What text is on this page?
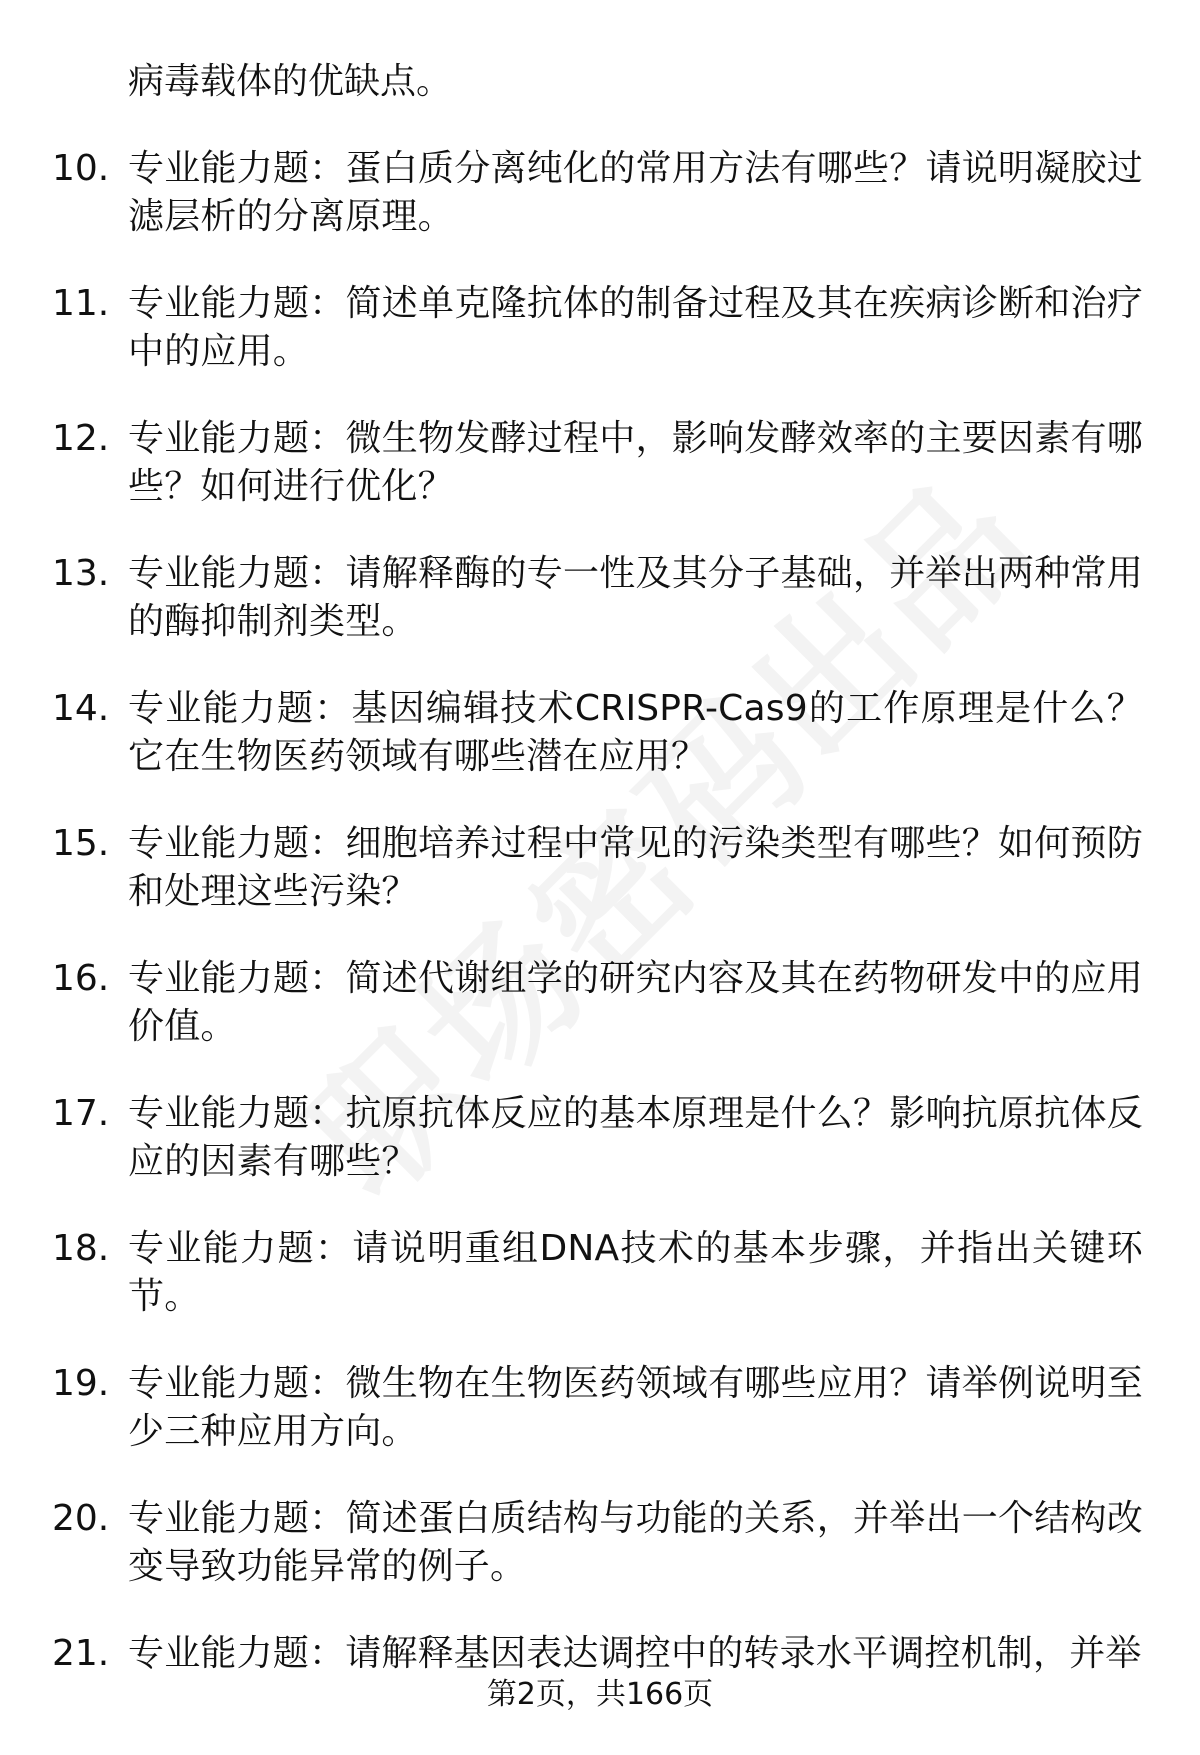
病毒载体的优缺点。
10. 专业能力题：蛋白质分离纯化的常用方法有哪些？请说明凝胶过滤层析的分离原理。
11. 专业能力题：简述单克隆抗体的制备过程及其在疾病诊断和治疗中的应用。
12. 专业能力题：微生物发酵过程中，影响发酵效率的主要因素有哪些？如何进行优化？
13. 专业能力题：请解释酶的专一性及其分子基础，并举出两种常用的酶抑制剂类型。
14. 专业能力题：基因编辑技术CRISPR-Cas9的工作原理是什么？它在生物医药领域有哪些潜在应用？
15. 专业能力题：细胞培养过程中常见的污染类型有哪些？如何预防和处理这些污染？
16. 专业能力题：简述代谢组学的研究内容及其在药物研发中的应用价值。
17. 专业能力题：抗原抗体反应的基本原理是什么？影响抗原抗体反应的因素有哪些？
18. 专业能力题：请说明重组DNA技术的基本步骤，并指出关键环节。
19. 专业能力题：微生物在生物医药领域有哪些应用？请举例说明至少三种应用方向。
20. 专业能力题：简述蛋白质结构与功能的关系，并举出一个结构改变导致功能异常的例子。
21. 专业能力题：请解释基因表达调控中的转录水平调控机制，并举
第2页，共166页
